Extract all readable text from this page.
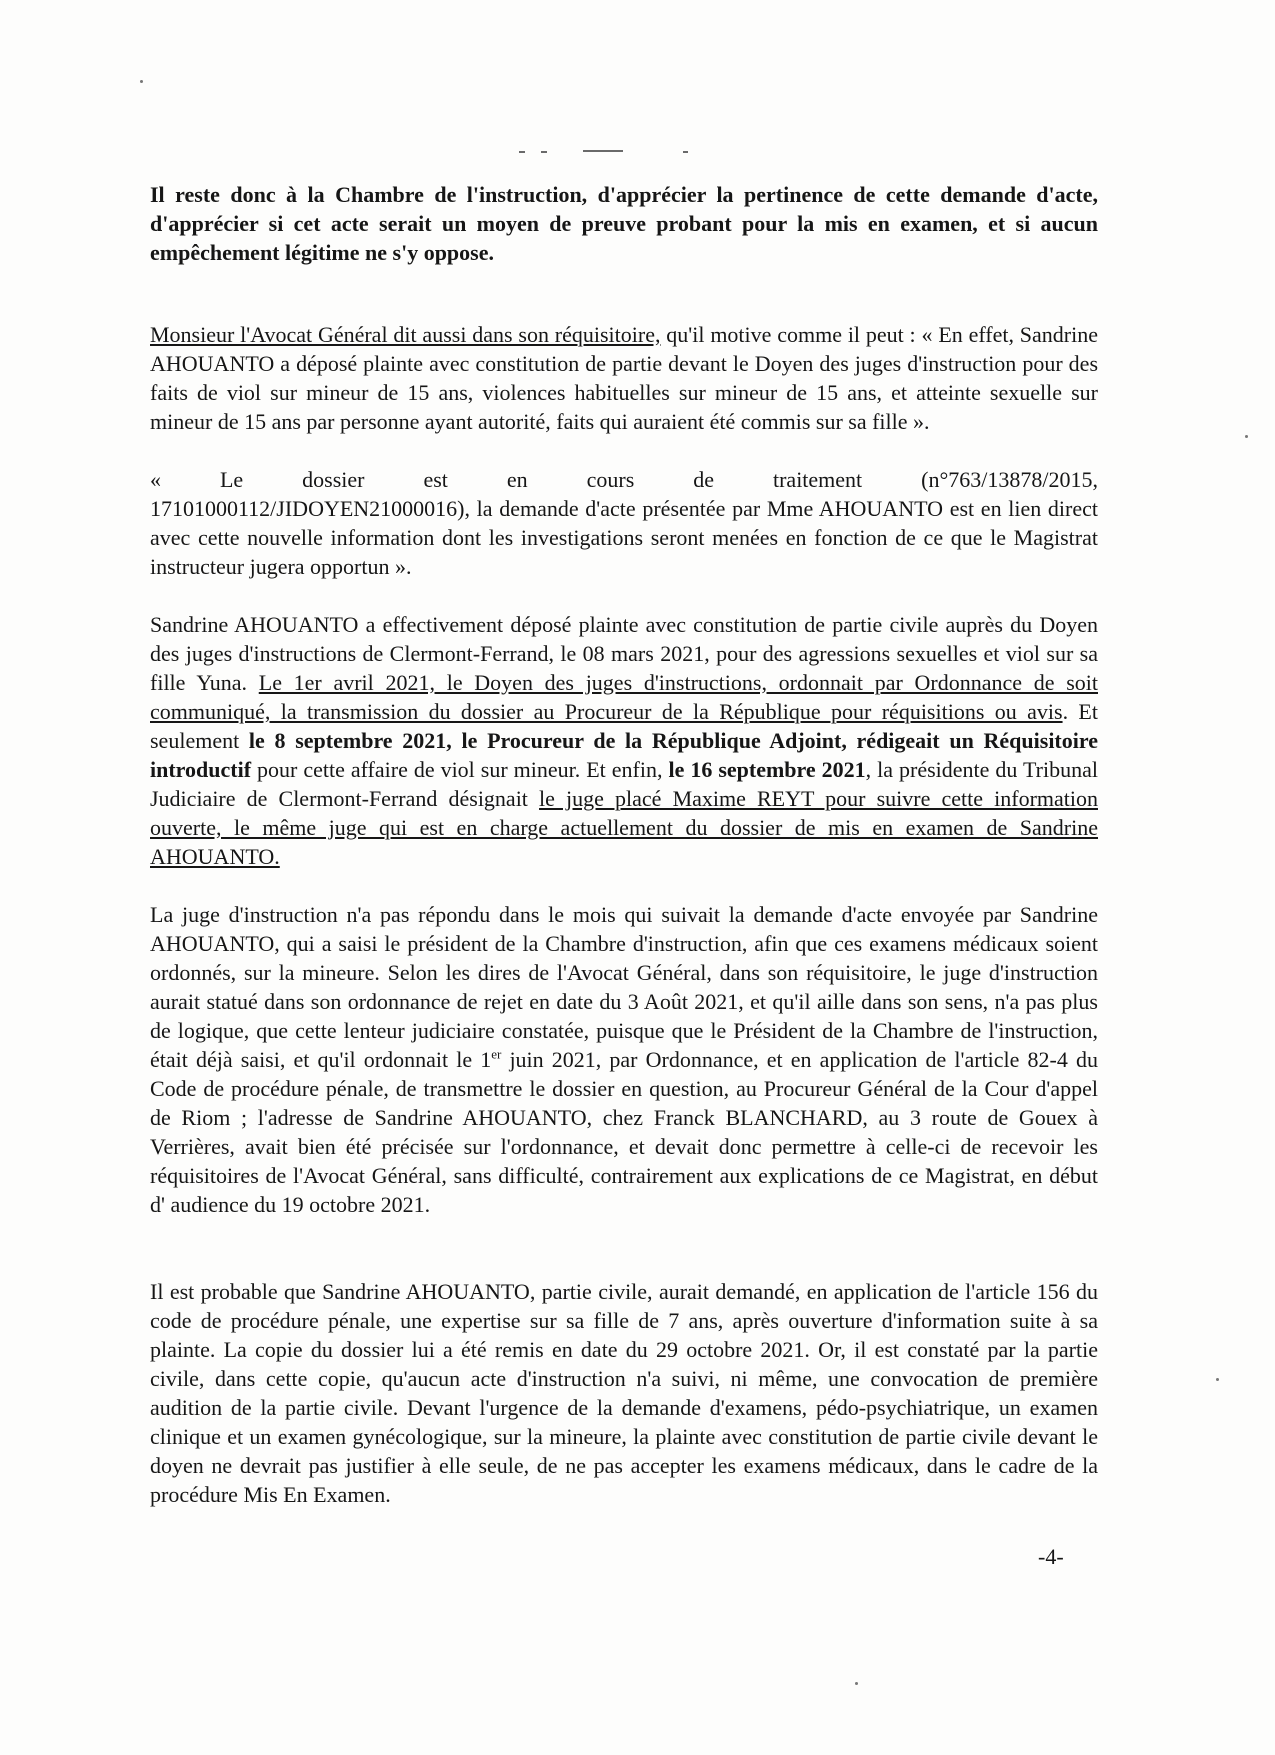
Il reste donc à la Chambre de l'instruction, d'apprécier la pertinence de cette demande d'acte, d'apprécier si cet acte serait un moyen de preuve probant pour la mis en examen, et si aucun empêchement légitime ne s'y oppose.

Monsieur l'Avocat Général dit aussi dans son réquisitoire, qu'il motive comme il peut : « En effet, Sandrine AHOUANTO a déposé plainte avec constitution de partie devant le Doyen des juges d'instruction pour des faits de viol sur mineur de 15 ans, violences habituelles sur mineur de 15 ans, et atteinte sexuelle sur mineur de 15 ans par personne ayant autorité, faits qui auraient été commis sur sa fille ».

« Le dossier est en cours de traitement (n°763/13878/2015,
17101000112/JIDOYEN21000016), la demande d'acte présentée par Mme AHOUANTO est en lien direct avec cette nouvelle information dont les investigations seront menées en fonction de ce que le Magistrat instructeur jugera opportun ».

Sandrine AHOUANTO a effectivement déposé plainte avec constitution de partie civile auprès du Doyen des juges d'instructions de Clermont-Ferrand, le 08 mars 2021, pour des agressions sexuelles et viol sur sa fille Yuna. Le 1er avril 2021, le Doyen des juges d'instructions, ordonnait par Ordonnance de soit communiqué, la transmission du dossier au Procureur de la République pour réquisitions ou avis. Et seulement le 8 septembre 2021, le Procureur de la République Adjoint, rédigeait un Réquisitoire introductif pour cette affaire de viol sur mineur. Et enfin, le 16 septembre 2021, la présidente du Tribunal Judiciaire de Clermont-Ferrand désignait le juge placé Maxime REYT pour suivre cette information ouverte, le même juge qui est en charge actuellement du dossier de mis en examen de Sandrine AHOUANTO.

La juge d'instruction n'a pas répondu dans le mois qui suivait la demande d'acte envoyée par Sandrine AHOUANTO, qui a saisi le président de la Chambre d'instruction, afin que ces examens médicaux soient ordonnés, sur la mineure. Selon les dires de l'Avocat Général, dans son réquisitoire, le juge d'instruction aurait statué dans son ordonnance de rejet en date du 3 Août 2021, et qu'il aille dans son sens, n'a pas plus de logique, que cette lenteur judiciaire constatée, puisque que le Président de la Chambre de l'instruction, était déjà saisi, et qu'il ordonnait le 1er juin 2021, par Ordonnance, et en application de l'article 82-4 du Code de procédure pénale, de transmettre le dossier en question, au Procureur Général de la Cour d'appel de Riom ; l'adresse de Sandrine AHOUANTO, chez Franck BLANCHARD, au 3 route de Gouex à Verrières, avait bien été précisée sur l'ordonnance, et devait donc permettre à celle-ci de recevoir les réquisitoires de l'Avocat Général, sans difficulté, contrairement aux explications de ce Magistrat, en début d' audience du 19 octobre 2021.

Il est probable que Sandrine AHOUANTO, partie civile, aurait demandé, en application de l'article 156 du code de procédure pénale, une expertise sur sa fille de 7 ans, après ouverture d'information suite à sa plainte. La copie du dossier lui a été remis en date du 29 octobre 2021. Or, il est constaté par la partie civile, dans cette copie, qu'aucun acte d'instruction n'a suivi, ni même, une convocation de première audition de la partie civile. Devant l'urgence de la demande d'examens, pédo-psychiatrique, un examen clinique et un examen gynécologique, sur la mineure, la plainte avec constitution de partie civile devant le doyen ne devrait pas justifier à elle seule, de ne pas accepter les examens médicaux, dans le cadre de la procédure Mis En Examen.

-4-
